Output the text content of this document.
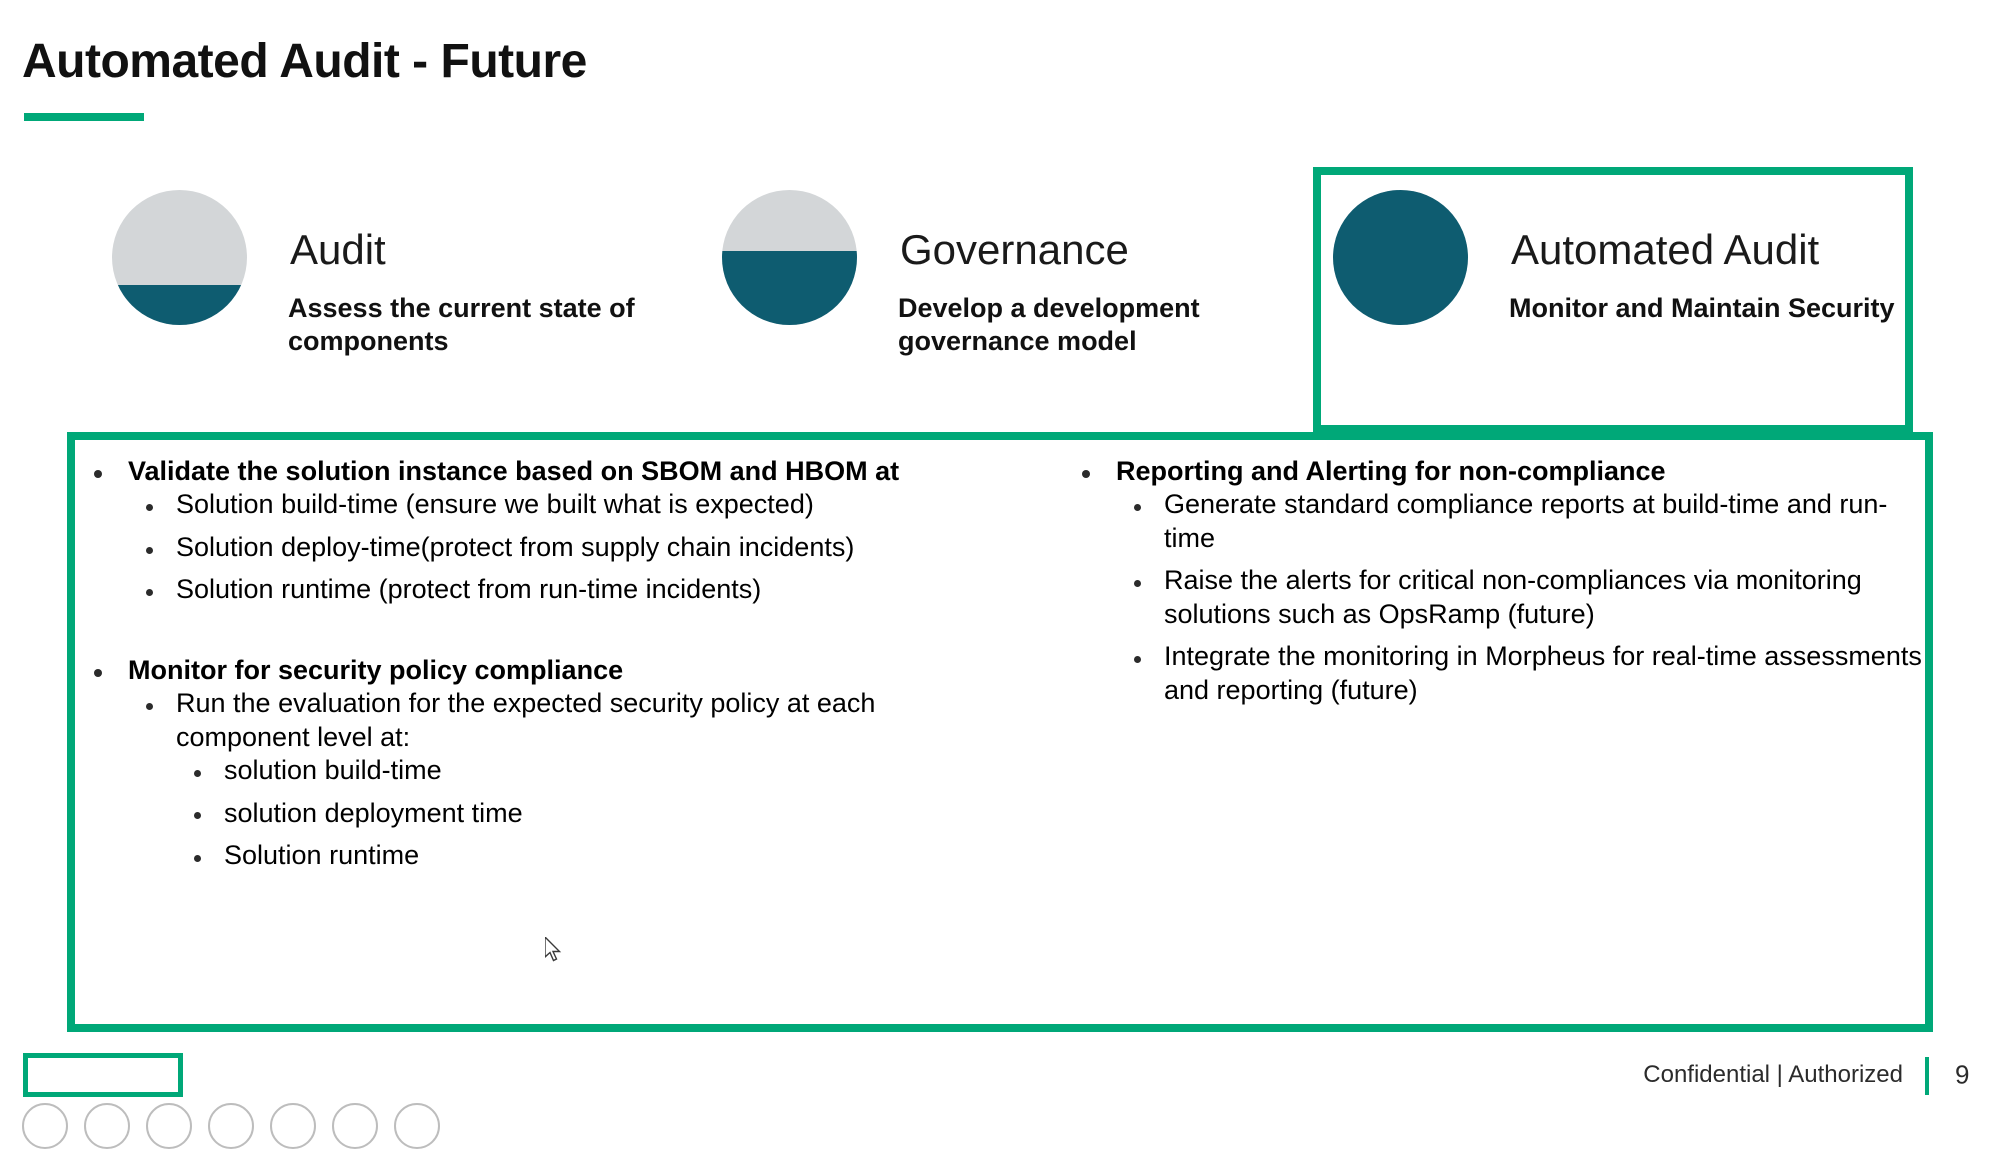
Automated Audit - Future
Audit
Assess the current state of components
Governance
Develop a development governance model
Automated Audit
Monitor and Maintain Security
Validate the solution instance based on SBOM and HBOM at
Solution build-time (ensure we built what is expected)
Solution deploy-time(protect from supply chain incidents)
Solution runtime (protect from run-time incidents)
Monitor for security policy compliance
Run the evaluation for the expected security policy at each component level at:
solution build-time
solution deployment time
Solution runtime
Reporting and Alerting for non-compliance
Generate standard compliance reports at build-time and run-time
Raise the alerts for critical non-compliances via monitoring solutions such as OpsRamp (future)
Integrate the monitoring in Morpheus for real-time assessments and reporting (future)
Confidential | Authorized 9
